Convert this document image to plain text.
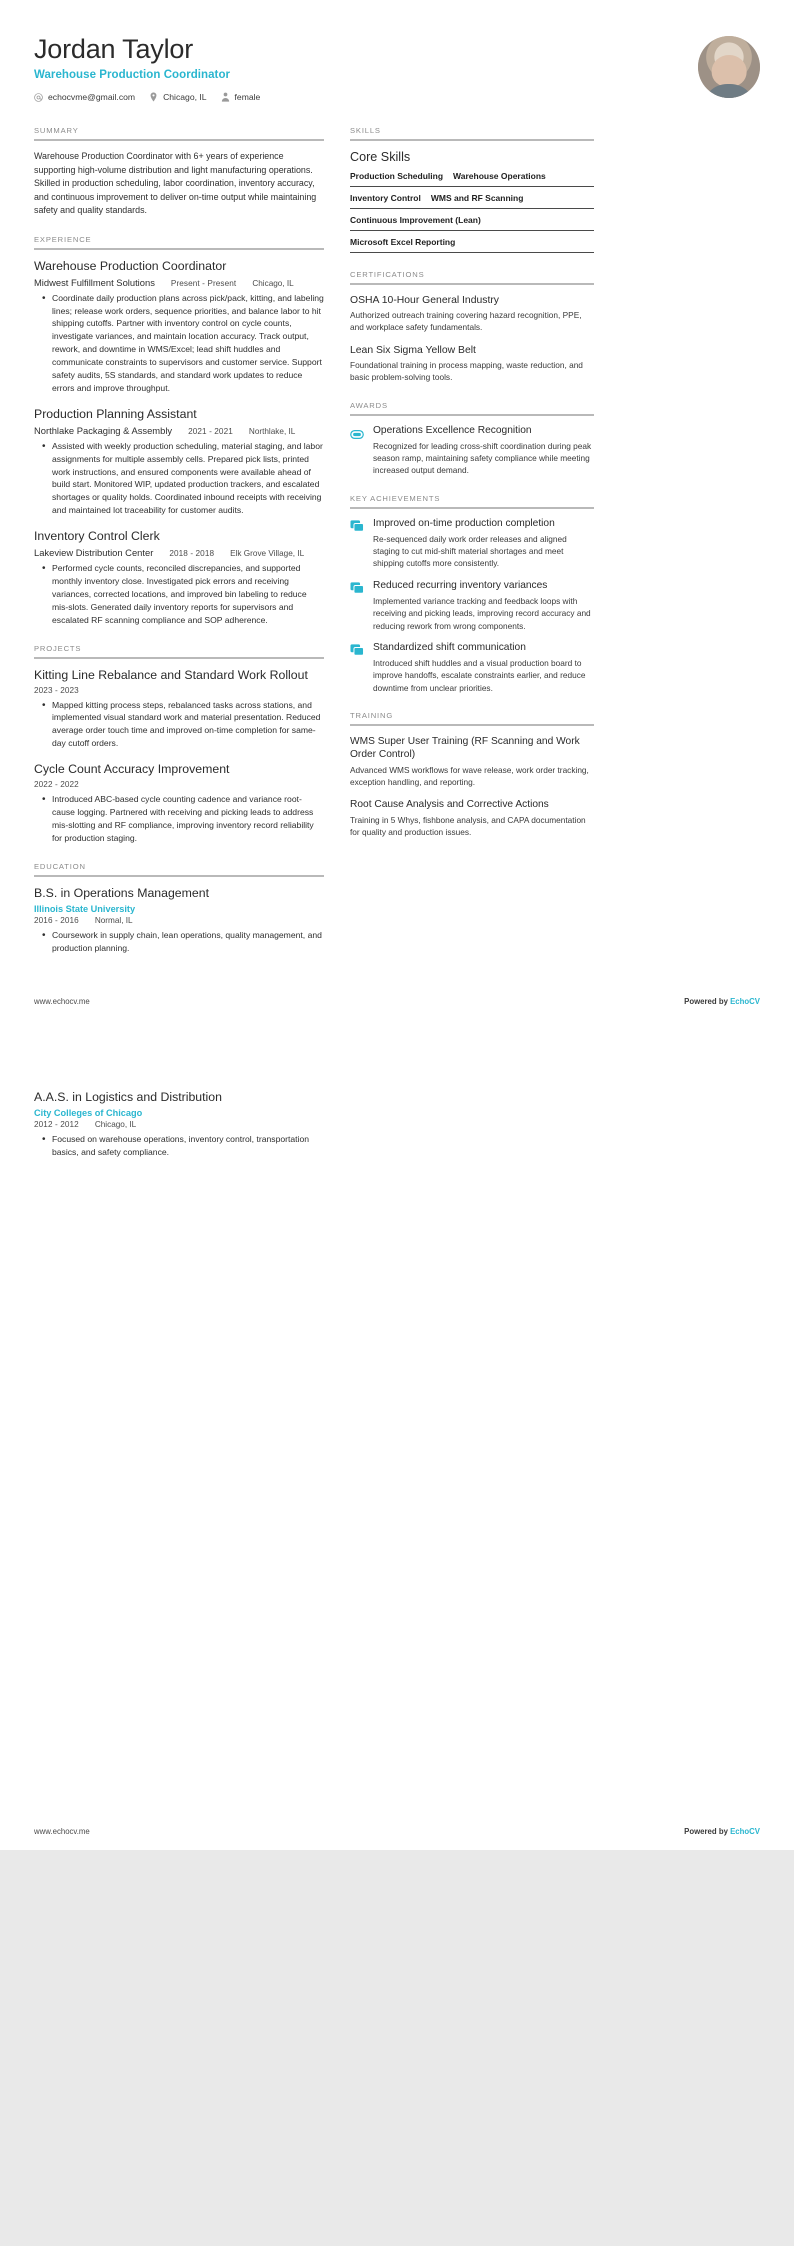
Jordan Taylor
Warehouse Production Coordinator
echocvme@gmail.com	Chicago, IL	female
SUMMARY

Warehouse Production Coordinator with 6+ years of experience supporting high-volume distribution and light manufacturing operations. Skilled in production scheduling, labor coordination, inventory accuracy, and continuous improvement to deliver on-time output while maintaining safety and quality standards.

EXPERIENCE
Warehouse Production Coordinator
Midwest Fulfillment Solutions Present - Present Chicago, IL
• Coordinate daily production plans across pick/pack, kitting, and labeling lines; release work orders, sequence priorities, and balance labor to hit shipping cutoffs. Partner with inventory control on cycle counts, investigate variances, and maintain location accuracy. Track output, rework, and downtime in WMS/Excel; lead shift huddles and communicate constraints to supervisors and customer service. Support safety audits, 5S standards, and standard work updates to reduce errors and improve throughput.
Production Planning Assistant
Northlake Packaging & Assembly 2021 - 2021 Northlake, IL
• Assisted with weekly production scheduling, material staging, and labor assignments for multiple assembly cells. Prepared pick lists, printed work instructions, and ensured components were available ahead of build start. Monitored WIP, updated production trackers, and escalated shortages or quality holds. Coordinated inbound receipts with receiving and maintained lot traceability for customer audits.
Inventory Control Clerk
Lakeview Distribution Center 2018 - 2018 Elk Grove Village, IL
• Performed cycle counts, reconciled discrepancies, and supported monthly inventory close. Investigated pick errors and receiving variances, corrected locations, and improved bin labeling to reduce mis-slots. Generated daily inventory reports for supervisors and escalated RF scanning compliance and SOP adherence.
PROJECTS
Kitting Line Rebalance and Standard Work Rollout
2023 - 2023
• Mapped kitting process steps, rebalanced tasks across stations, and implemented visual standard work and material presentation. Reduced average order touch time and improved on-time completion for same-day cutoff orders.
Cycle Count Accuracy Improvement
2022 - 2022
• Introduced ABC-based cycle counting cadence and variance root-cause logging. Partnered with receiving and picking leads to address mis-slotting and RF compliance, improving inventory record reliability for production staging.
EDUCATION
B.S. in Operations Management
Illinois State University
2016 - 2016 Normal, IL
• Coursework in supply chain, lean operations, quality management, and production planning.
SKILLS
Core Skills
Production Scheduling Warehouse Operations
Inventory Control WMS and RF Scanning
Continuous Improvement (Lean)
Microsoft Excel Reporting
CERTIFICATIONS
OSHA 10-Hour General Industry

Authorized outreach training covering hazard recognition, PPE, and workplace safety fundamentals.

Lean Six Sigma Yellow Belt

Foundational training in process mapping, waste reduction, and basic problem-solving tools.

AWARDS
Operations Excellence Recognition

Recognized for leading cross-shift coordination during peak season ramp, maintaining safety compliance while meeting increased output demand.

KEY ACHIEVEMENTS
Improved on-time production completion

Re-sequenced daily work order releases and aligned staging to cut mid-shift material shortages and meet shipping cutoffs more consistently.

Reduced recurring inventory variances

Implemented variance tracking and feedback loops with receiving and picking leads, improving record accuracy and reducing rework from wrong components.

Standardized shift communication

Introduced shift huddles and a visual production board to improve handoffs, escalate constraints earlier, and reduce downtime from unclear priorities.

TRAINING
WMS Super User Training (RF Scanning and Work Order Control)

Advanced WMS workflows for wave release, work order tracking, exception handling, and reporting.

Root Cause Analysis and Corrective Actions

Training in 5 Whys, fishbone analysis, and CAPA documentation for quality and production issues.

www.echocv.me	Powered by EchoCV
A.A.S. in Logistics and Distribution
City Colleges of Chicago
2012 - 2012 Chicago, IL
• Focused on warehouse operations, inventory control, transportation basics, and safety compliance.
www.echocv.me	Powered by EchoCV
